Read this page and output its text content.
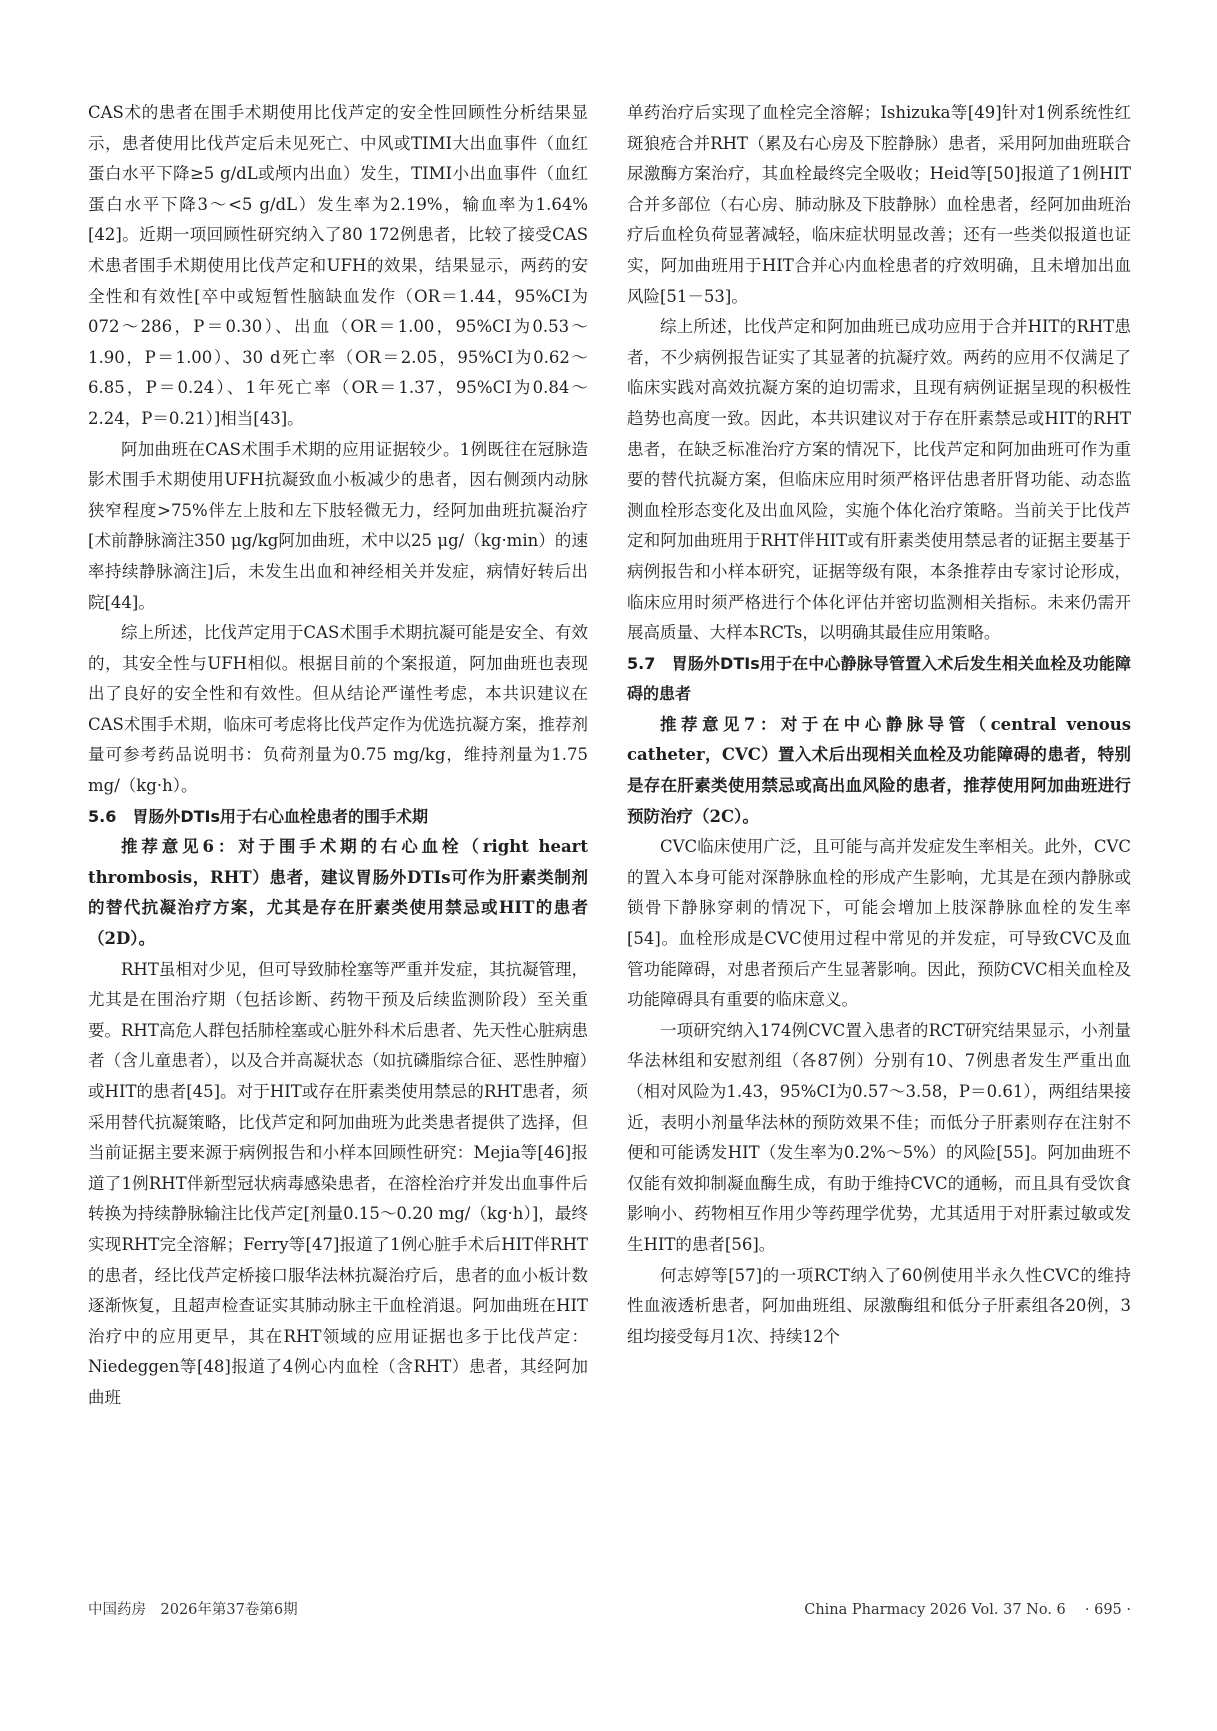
CAS术的患者在围手术期使用比伐芦定的安全性回顾性分析结果显示，患者使用比伐芦定后未见死亡、中风或TIMI大出血事件（血红蛋白水平下降≥5 g/dL或颅内出血）发生，TIMI小出血事件（血红蛋白水平下降3～<5 g/dL）发生率为2.19%，输血率为1.64%[42]。近期一项回顾性研究纳入了80 172例患者，比较了接受CAS术患者围手术期使用比伐芦定和UFH的效果，结果显示，两药的安全性和有效性[卒中或短暂性脑缺血发作（OR＝1.44，95%CI为072～286，P＝0.30）、出血（OR＝1.00，95%CI为0.53～1.90，P＝1.00）、30 d死亡率（OR＝2.05，95%CI为0.62～6.85，P＝0.24）、1年死亡率（OR＝1.37，95%CI为0.84～2.24，P＝0.21）]相当[43]。

阿加曲班在CAS术围手术期的应用证据较少。1例既往在冠脉造影术围手术期使用UFH抗凝致血小板减少的患者，因右侧颈内动脉狭窄程度>75%伴左上肢和左下肢轻微无力，经阿加曲班抗凝治疗[术前静脉滴注350 μg/kg阿加曲班，术中以25 μg/（kg·min）的速率持续静脉滴注]后，未发生出血和神经相关并发症，病情好转后出院[44]。

综上所述，比伐芦定用于CAS术围手术期抗凝可能是安全、有效的，其安全性与UFH相似。根据目前的个案报道，阿加曲班也表现出了良好的安全性和有效性。但从结论严谨性考虑，本共识建议在CAS术围手术期，临床可考虑将比伐芦定作为优选抗凝方案，推荐剂量可参考药品说明书：负荷剂量为0.75 mg/kg，维持剂量为1.75 mg/（kg·h）。

5.6　胃肠外DTIs用于右心血栓患者的围手术期

推荐意见6：对于围手术期的右心血栓（right heart thrombosis，RHT）患者，建议胃肠外DTIs可作为肝素类制剂的替代抗凝治疗方案，尤其是存在肝素类使用禁忌或HIT的患者（2D）。

RHT虽相对少见，但可导致肺栓塞等严重并发症，其抗凝管理，尤其是在围治疗期（包括诊断、药物干预及后续监测阶段）至关重要。RHT高危人群包括肺栓塞或心脏外科术后患者、先天性心脏病患者（含儿童患者），以及合并高凝状态（如抗磷脂综合征、恶性肿瘤）或HIT的患者[45]。对于HIT或存在肝素类使用禁忌的RHT患者，须采用替代抗凝策略，比伐芦定和阿加曲班为此类患者提供了选择，但当前证据主要来源于病例报告和小样本回顾性研究：Mejia等[46]报道了1例RHT伴新型冠状病毒感染患者，在溶栓治疗并发出血事件后转换为持续静脉输注比伐芦定[剂量0.15～0.20 mg/（kg·h）]，最终实现RHT完全溶解；Ferry等[47]报道了1例心脏手术后HIT伴RHT的患者，经比伐芦定桥接口服华法林抗凝治疗后，患者的血小板计数逐渐恢复，且超声检查证实其肺动脉主干血栓消退。阿加曲班在HIT治疗中的应用更早，其在RHT领域的应用证据也多于比伐芦定：Niedeggen等[48]报道了4例心内血栓（含RHT）患者，其经阿加曲班

单药治疗后实现了血栓完全溶解；Ishizuka等[49]针对1例系统性红斑狼疮合并RHT（累及右心房及下腔静脉）患者，采用阿加曲班联合尿激酶方案治疗，其血栓最终完全吸收；Heid等[50]报道了1例HIT合并多部位（右心房、肺动脉及下肢静脉）血栓患者，经阿加曲班治疗后血栓负荷显著减轻，临床症状明显改善；还有一些类似报道也证实，阿加曲班用于HIT合并心内血栓患者的疗效明确，且未增加出血风险[51－53]。

综上所述，比伐芦定和阿加曲班已成功应用于合并HIT的RHT患者，不少病例报告证实了其显著的抗凝疗效。两药的应用不仅满足了临床实践对高效抗凝方案的迫切需求，且现有病例证据呈现的积极性趋势也高度一致。因此，本共识建议对于存在肝素禁忌或HIT的RHT患者，在缺乏标准治疗方案的情况下，比伐芦定和阿加曲班可作为重要的替代抗凝方案，但临床应用时须严格评估患者肝肾功能、动态监测血栓形态变化及出血风险，实施个体化治疗策略。当前关于比伐芦定和阿加曲班用于RHT伴HIT或有肝素类使用禁忌者的证据主要基于病例报告和小样本研究，证据等级有限，本条推荐由专家讨论形成，临床应用时须严格进行个体化评估并密切监测相关指标。未来仍需开展高质量、大样本RCTs，以明确其最佳应用策略。

5.7　胃肠外DTIs用于在中心静脉导管置入术后发生相关血栓及功能障碍的患者

推荐意见7：对于在中心静脉导管（central venous catheter，CVC）置入术后出现相关血栓及功能障碍的患者，特别是存在肝素类使用禁忌或高出血风险的患者，推荐使用阿加曲班进行预防治疗（2C）。

CVC临床使用广泛，且可能与高并发症发生率相关。此外，CVC的置入本身可能对深静脉血栓的形成产生影响，尤其是在颈内静脉或锁骨下静脉穿刺的情况下，可能会增加上肢深静脉血栓的发生率[54]。血栓形成是CVC使用过程中常见的并发症，可导致CVC及血管功能障碍，对患者预后产生显著影响。因此，预防CVC相关血栓及功能障碍具有重要的临床意义。

一项研究纳入174例CVC置入患者的RCT研究结果显示，小剂量华法林组和安慰剂组（各87例）分别有10、7例患者发生严重出血（相对风险为1.43，95%CI为0.57～3.58，P＝0.61），两组结果接近，表明小剂量华法林的预防效果不佳；而低分子肝素则存在注射不便和可能诱发HIT（发生率为0.2%～5%）的风险[55]。阿加曲班不仅能有效抑制凝血酶生成，有助于维持CVC的通畅，而且具有受饮食影响小、药物相互作用少等药理学优势，尤其适用于对肝素过敏或发生HIT的患者[56]。

何志婷等[57]的一项RCT纳入了60例使用半永久性CVC的维持性血液透析患者，阿加曲班组、尿激酶组和低分子肝素组各20例，3组均接受每月1次、持续12个

中国药房　2026年第37卷第6期	China Pharmacy 2026 Vol. 37 No. 6　 · 695 ·
